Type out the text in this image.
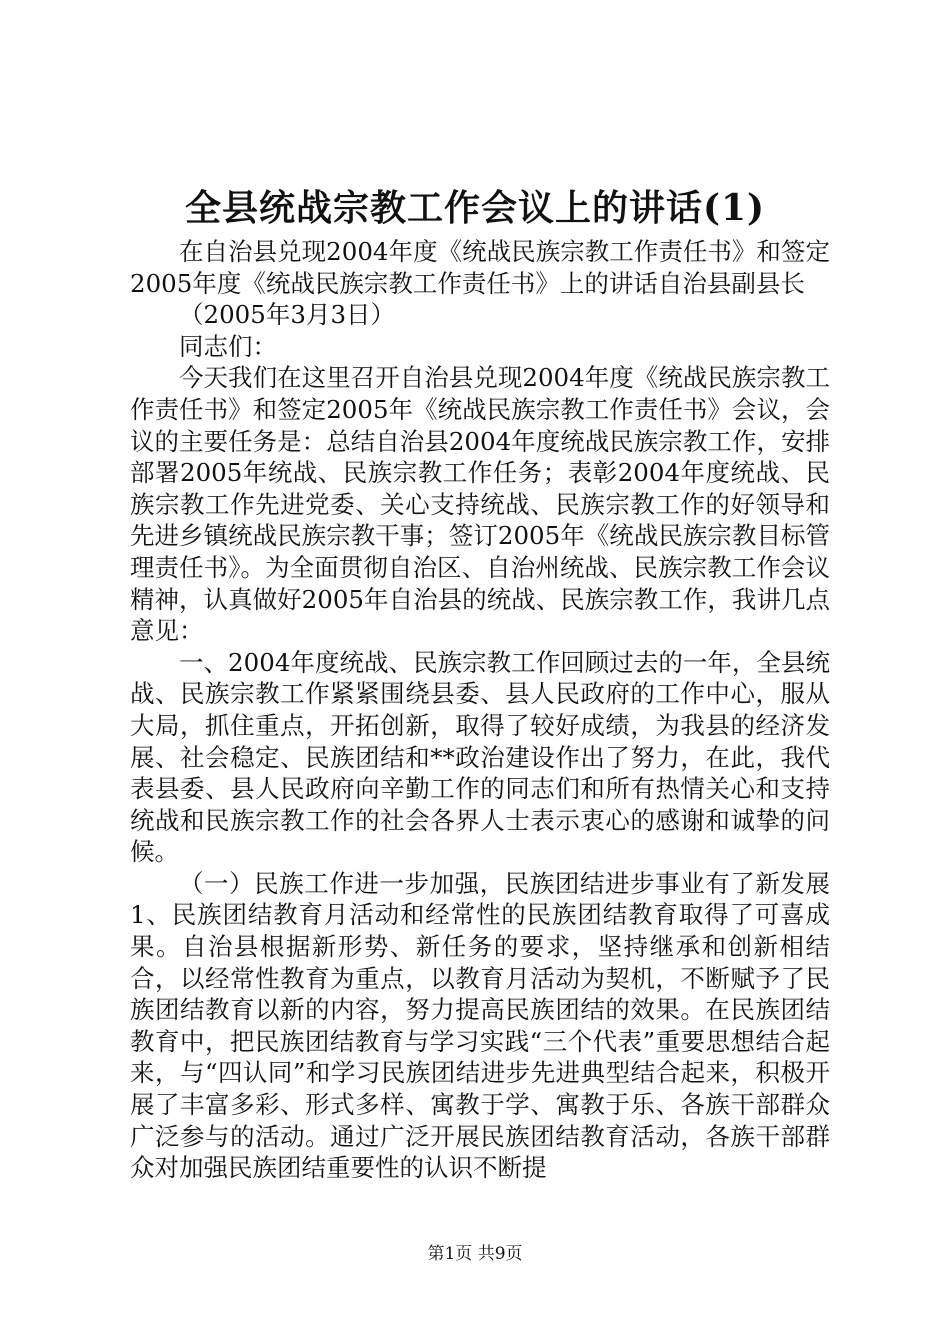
全县统战宗教工作会议上的讲话(1)

在自治县兑现2004年度《统战民族宗教工作责任书》和签定2005年度《统战民族宗教工作责任书》上的讲话自治县副县长

（2005年3月3日）

同志们：

今天我们在这里召开自治县兑现2004年度《统战民族宗教工作责任书》和签定2005年《统战民族宗教工作责任书》会议，会议的主要任务是：总结自治县2004年度统战民族宗教工作，安排部署2005年统战、民族宗教工作任务；表彰2004年度统战、民族宗教工作先进党委、关心支持统战、民族宗教工作的好领导和先进乡镇统战民族宗教干事；签订2005年《统战民族宗教目标管理责任书》。为全面贯彻自治区、自治州统战、民族宗教工作会议精神，认真做好2005年自治县的统战、民族宗教工作，我讲几点意见：

一、2004年度统战、民族宗教工作回顾过去的一年，全县统战、民族宗教工作紧紧围绕县委、县人民政府的工作中心，服从大局，抓住重点，开拓创新，取得了较好成绩，为我县的经济发展、社会稳定、民族团结和**政治建设作出了努力，在此，我代表县委、县人民政府向辛勤工作的同志们和所有热情关心和支持统战和民族宗教工作的社会各界人士表示衷心的感谢和诚挚的问候。

（一）民族工作进一步加强，民族团结进步事业有了新发展1、民族团结教育月活动和经常性的民族团结教育取得了可喜成果。自治县根据新形势、新任务的要求，坚持继承和创新相结合，以经常性教育为重点，以教育月活动为契机，不断赋予了民族团结教育以新的内容，努力提高民族团结的效果。在民族团结教育中，把民族团结教育与学习实践“三个代表”重要思想结合起来，与“四认同”和学习民族团结进步先进典型结合起来，积极开展了丰富多彩、形式多样、寓教于学、寓教于乐、各族干部群众广泛参与的活动。通过广泛开展民族团结教育活动，各族干部群众对加强民族团结重要性的认识不断提

第1页 共9页
